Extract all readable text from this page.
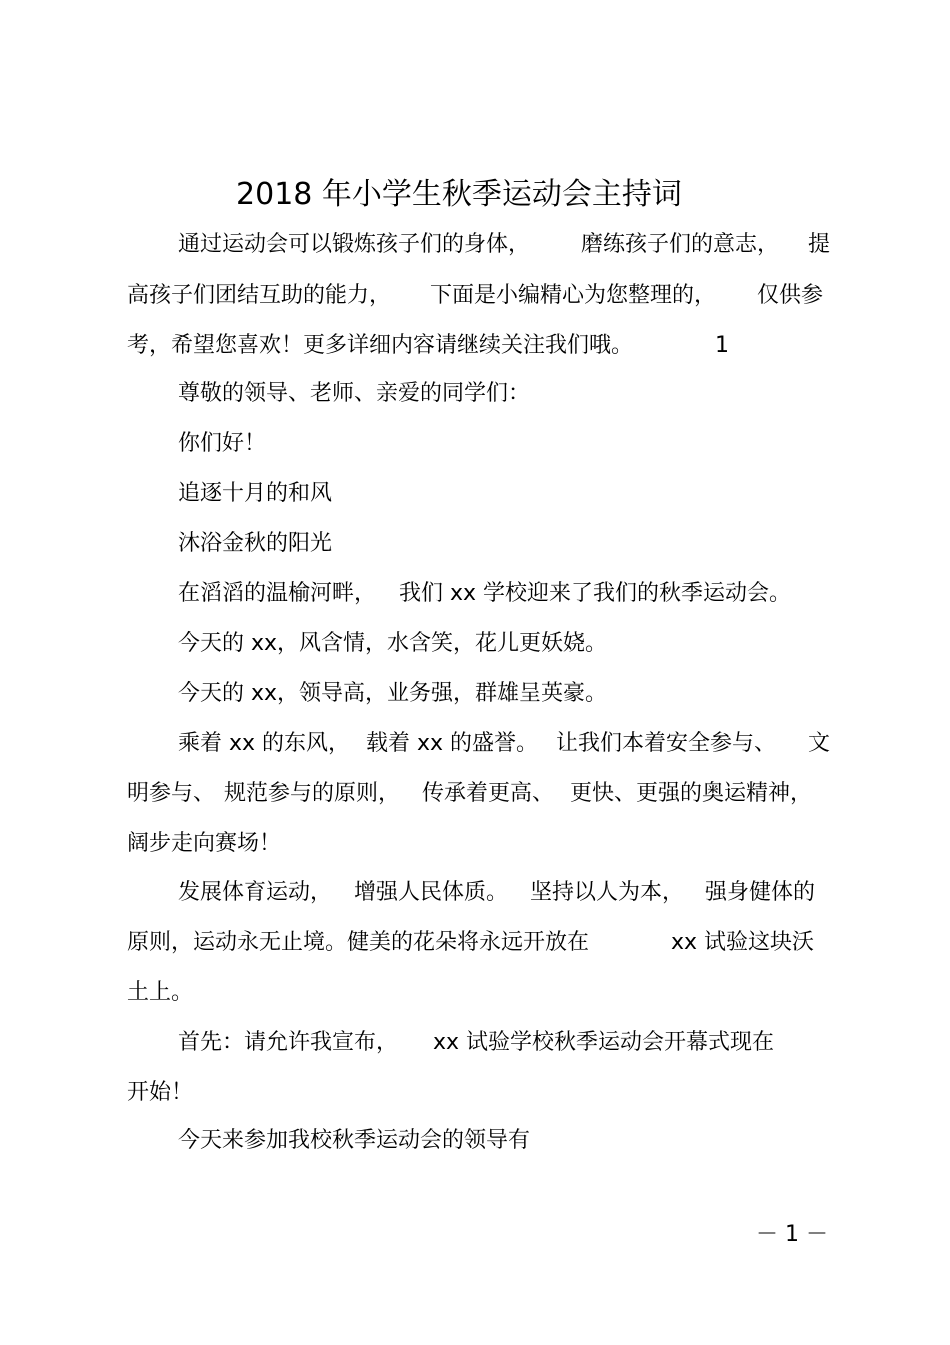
2018 年小学生秋季运动会主持词
通过运动会可以锻炼孩子们的身体， 磨练孩子们的意志， 提
高孩子们团结互助的能力， 下面是小编精心为您整理的， 仅供参
考，希望您喜欢！更多详细内容请继续关注我们哦。	1
尊敬的领导、老师、亲爱的同学们：
你们好！
追逐十月的和风
沐浴金秋的阳光
在滔滔的温榆河畔， 我们 xx 学校迎来了我们的秋季运动会。
今天的 xx，风含情，水含笑，花儿更妖娆。
今天的 xx，领导高，业务强，群雄呈英豪。
乘着 xx 的东风， 载着 xx 的盛誉。 让我们本着安全参与、 文
明参与、 规范参与的原则， 传承着更高、 更快、更强的奥运精神，
阔步走向赛场！
发展体育运动， 增强人民体质。 坚持以人为本， 强身健体的
原则，运动永无止境。健美的花朵将永远开放在	xx 试验这块沃
土上。
首先：请允许我宣布， xx 试验学校秋季运动会开幕式现在
开始！
今天来参加我校秋季运动会的领导有
－ 1 －
